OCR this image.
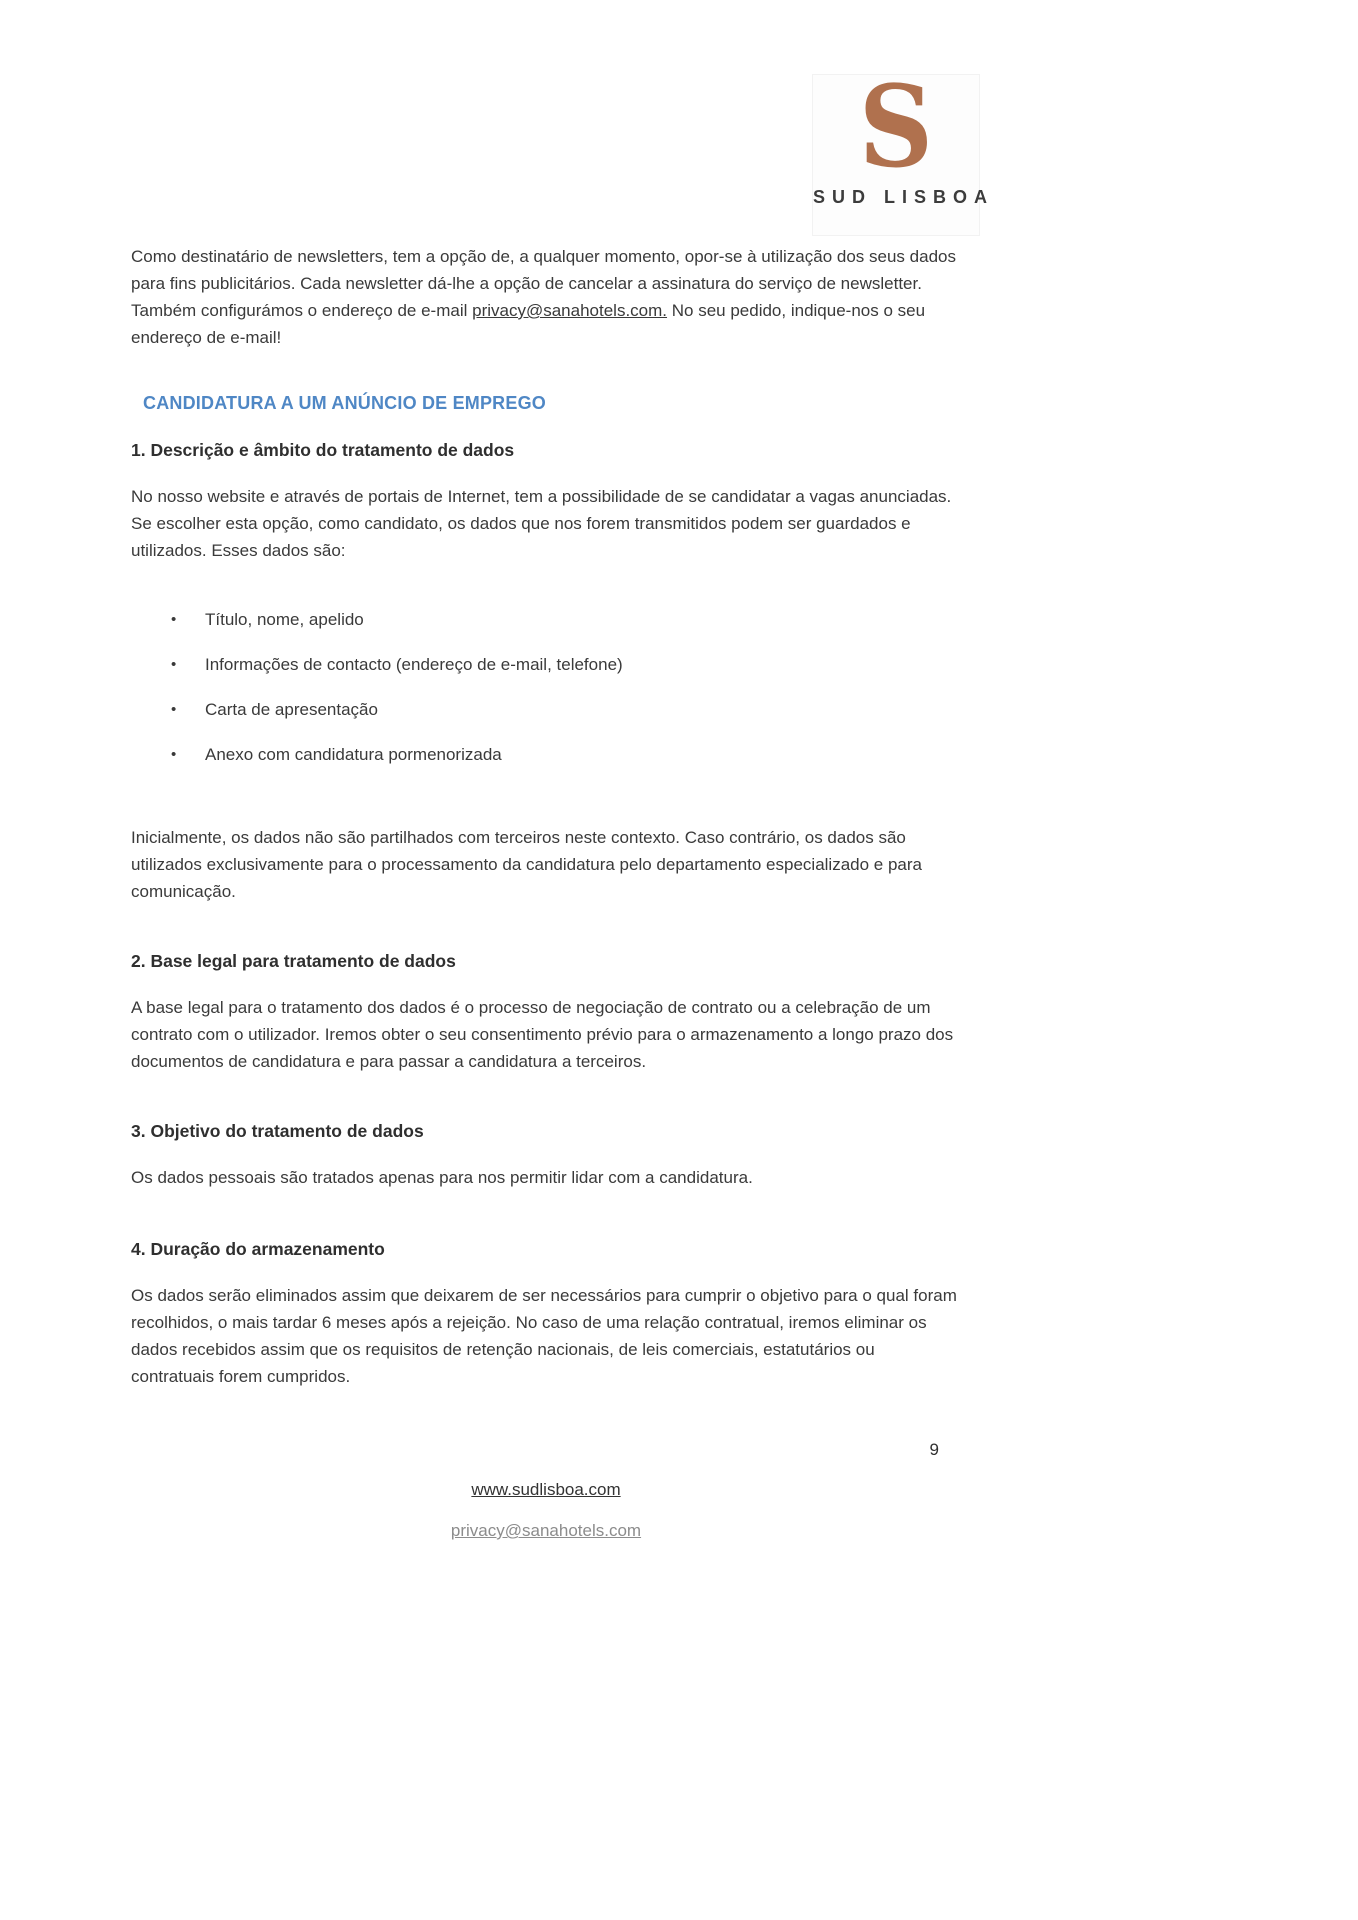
S
SUD LISBOA

Como destinatário de newsletters, tem a opção de, a qualquer momento, opor-se à utilização dos seus dados para fins publicitários. Cada newsletter dá-lhe a opção de cancelar a assinatura do serviço de newsletter. Também configurámos o endereço de e-mail privacy@sanahotels.com. No seu pedido, indique-nos o seu endereço de e-mail!

CANDIDATURA A UM ANÚNCIO DE EMPREGO
1. Descrição e âmbito do tratamento de dados

No nosso website e através de portais de Internet, tem a possibilidade de se candidatar a vagas anunciadas. Se escolher esta opção, como candidato, os dados que nos forem transmitidos podem ser guardados e utilizados. Esses dados são:

•	Título, nome, apelido
•	Informações de contacto (endereço de e-mail, telefone)
•	Carta de apresentação
•	Anexo com candidatura pormenorizada

Inicialmente, os dados não são partilhados com terceiros neste contexto. Caso contrário, os dados são utilizados exclusivamente para o processamento da candidatura pelo departamento especializado e para comunicação.

2. Base legal para tratamento de dados

A base legal para o tratamento dos dados é o processo de negociação de contrato ou a celebração de um contrato com o utilizador. Iremos obter o seu consentimento prévio para o armazenamento a longo prazo dos documentos de candidatura e para passar a candidatura a terceiros.

3. Objetivo do tratamento de dados

Os dados pessoais são tratados apenas para nos permitir lidar com a candidatura.

4. Duração do armazenamento

Os dados serão eliminados assim que deixarem de ser necessários para cumprir o objetivo para o qual foram recolhidos, o mais tardar 6 meses após a rejeição. No caso de uma relação contratual, iremos eliminar os dados recebidos assim que os requisitos de retenção nacionais, de leis comerciais, estatutários ou contratuais forem cumpridos.

9
www.sudlisboa.com
privacy@sanahotels.com
